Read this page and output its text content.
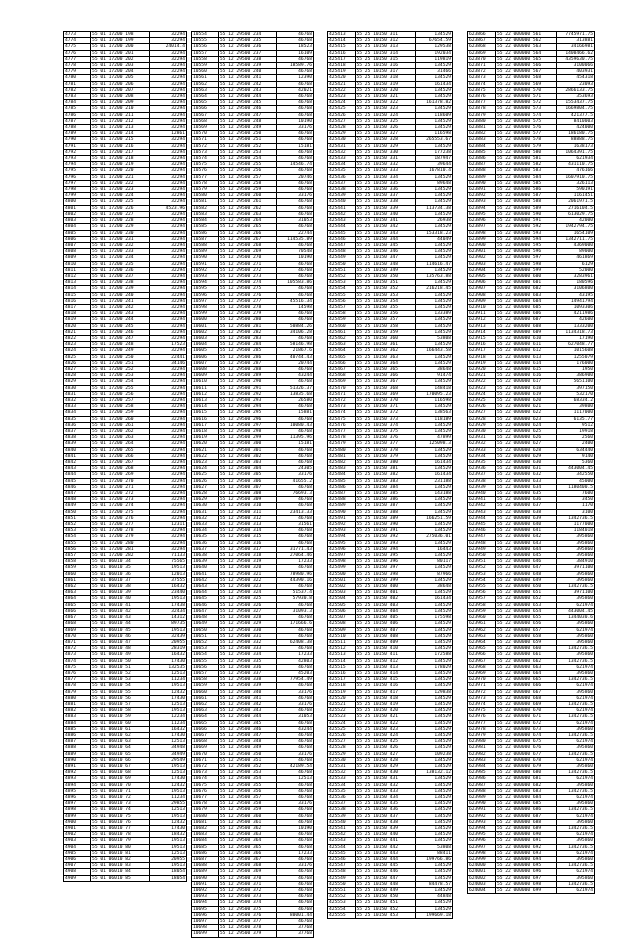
4773	55 01 17200 198	32294
4774	55 01 17200 199	32294
4775	55 01 17200 200	24014.4
4776	55 01 17200 201	32294
4777	55 01 17200 202	32294
4778	55 01 17200 203	32294
4779	55 01 17200 204	32294
4780	55 01 17200 205	32294
4781	55 01 17200 206	32294
4782	55 01 17200 207	32294
4783	55 01 17200 208	32294
4784	55 01 17200 209	32294
4785	55 01 17200 210	32294
4786	55 01 17200 211	32294
4787	55 01 17200 212	32294
4788	55 01 17200 213	32294
4789	55 01 17200 214	12861
4790	55 01 17200 215	32294
4791	55 01 17200 216	32294
4792	55 01 17200 217	32294
4793	55 01 17200 218	32294
4794	55 01 17200 219	32294
4795	55 01 17200 220	32294
4796	55 01 17200 221	32294
4797	55 01 17200 222	32294
4798	55 01 17200 223	32294
4799	55 01 17200 224	32294
4800	55 01 17200 225	32294
4801	55 01 17200 226	4523.96
4802	55 01 17200 227	32294
4803	55 01 17200 228	32294
4804	55 01 17200 229	32294
4805	55 01 17200 230	32294
4806	55 01 17200 231	32294
4807	55 01 17200 232	32294
4808	55 01 17200 233	32294
4809	55 01 17200 234	32294
4810	55 01 17200 235	32294
4811	55 01 17200 236	32294
4812	55 01 17200 237	32294
4813	55 01 17200 238	32294
4814	55 01 17200 239	32294
4815	55 01 17200 240	32294
4816	55 01 17200 241	32294
4817	55 01 17200 242	32294
4818	55 01 17200 243	32294
4819	55 01 17200 244	32294
4820	55 01 17200 245	32294
4821	55 01 17200 246	32294
4822	55 01 17200 247	32294
4823	55 01 17200 248	17523
4824	55 01 17200 249	32294
4825	55 01 17200 250	22441
4826	55 01 17200 251	34146
4827	55 01 17200 252	32294
4828	55 01 17200 253	32294
4829	55 01 17200 254	32294
4830	55 01 17200 255	32294
4831	55 01 17200 256	32294
4832	55 01 17200 257	32294
4833	55 01 17200 258	32294
4834	55 01 17200 259	32294
4835	55 01 17200 260	32294
4836	55 01 17200 261	32294
4837	55 01 17200 262	32294
4838	55 01 17200 263	32294
4839	55 01 17200 264	32294
4840	55 01 17200 265	32294
4841	55 01 17200 266	32294
4842	55 01 17200 267	32294
4843	55 01 17200 268	32294
4844	55 01 17200 269	32294
4845	55 01 17200 270	32294
4846	55 01 17200 271	32294
4847	55 01 17200 272	32294
4848	55 01 17200 273	32294
4849	55 01 17200 274	32294
4850	55 01 17200 275	32294
4851	55 01 17200 276	32294
4852	55 01 17200 277	12311
4853	55 01 17200 278	32294
4854	55 01 17200 279	32294
4855	55 01 17200 280	32294
4856	55 01 17200 281	32294
4857	55 01 17200 282	71133
4858	55 01 06010 34	75565
4859	55 01 06010 35	19513
4860	55 01 06010 36	12013
4861	55 01 06010 37	37555
4862	55 01 06010 38	16432
4863	55 01 06010 39	23440
4864	55 01 06010 40	19513
4865	55 01 06010 41	17438
4866	55 01 06010 42	32434
4867	55 01 06010 43	14312
4868	55 01 06010 44	89735
4869	55 01 06010 45	19513
4870	55 01 06010 46	32439
4871	55 01 06010 47	20955
4872	55 01 06010 48	28319
4873	55 01 06010 49	16432
4874	55 01 06010 50	17430
4875	55 01 06010 51	132535
4876	55 01 06010 52	12513
4877	55 01 06010 53	11234
4878	55 01 06010 54	19513
4879	55 01 06010 55	12432
4880	55 01 06010 56	17430
4881	55 01 06010 57	12513
4882	55 01 06010 58	19513
4883	55 01 06010 59	12234
4884	55 01 06010 60	11234
4885	55 01 06010 61	16432
4886	55 01 06010 62	17430
4887	55 01 06010 63	12513
4888	55 01 06010 64	34948
4889	55 01 06010 65	34949
4890	55 01 06010 66	29549
4891	55 01 06010 67	19513
4892	55 01 06010 68	12513
4893	55 01 06010 69	17430
4894	55 01 06010 70	12432
4895	55 01 06010 71	19513
4896	55 01 06010 72	11234
4897	55 01 06010 73	29855
4898	55 01 06010 74	12513
4899	55 01 06010 75	19513
4900	55 01 06010 76	12432
4901	55 01 06010 77	17430
4902	55 01 06010 78	18432
4903	55 01 06010 79	19513
4904	55 01 06010 80	19513
4905	55 01 06010 81	12513
4906	55 01 06010 82	20955
4907	55 01 06010 83	19513
4908	55 01 06010 84	18054
4909	55 01 06010 85	18054
10554	55 12 29500 234	46768
10555	55 12 29500 235	46768
10556	55 12 29500 236	18523
10557	55 12 29500 237	16109
10558	55 12 29500 238	46768
10559	55 12 29500 239	18589.76
10560	55 12 29500 240	46768
10561	55 12 29500 241	12390
10562	55 12 29500 242	46768
10563	55 12 29500 243	42021
10564	55 12 29500 244	46768
10565	55 12 29500 245	46768
10566	55 12 29500 246	46768
10567	55 12 29500 247	46768
10568	55 12 29500 248	10190
10569	55 12 29500 249	33176
10570	55 12 29500 250	46768
10571	55 12 29500 251	46768
10572	55 12 29500 252	15181
10573	55 12 29500 253	46768
10574	55 12 29500 254	46768
10575	55 12 29500 255	14546.74
10576	55 12 29500 256	46768
10577	55 12 29500 257	20746
10578	55 12 29500 258	46768
10579	55 12 29500 259	46768
10580	55 12 29500 260	33176
10581	55 12 29500 261	46768
10582	55 12 29500 262	46768
10583	55 12 29500 263	46768
10584	55 12 29500 264	31053
10585	55 12 29500 265	46768
10586	55 12 29500 266	22744
10587	55 12 29500 267	114535.89
10588	55 12 29500 268	46768
10589	55 12 29500 269	70548
10590	55 12 29500 270	10190
10591	55 12 29500 271	46768
10592	55 12 29500 272	46768
10593	55 12 29500 273	46768
10594	55 12 29500 274	105583.86
10595	55 12 29500 275	46768
10596	55 12 29500 276	46768
10597	55 12 29500 277	45516.34
10598	55 12 29500 278	14598
10599	55 12 29500 279	46768
10600	55 12 29500 280	46768
10601	55 12 29500 281	50884.26
10602	55 12 29500 282	34106.28
10603	55 12 29500 283	46768
10604	55 12 29500 284	58146.98
10605	55 12 29500 285	21867.6
10606	55 12 29500 286	40744.43
10607	55 12 29500 287	20744
10608	55 12 29500 288	46768
10609	55 12 29500 289	43244
10610	55 12 29500 290	46768
10611	55 12 29500 291	51326.37
10612	55 12 29500 292	13835.68
10613	55 12 29500 293	26580
10614	55 12 29500 294	46768
10615	55 12 29500 295	15881
10616	55 12 29500 296	46768
10617	55 12 29500 297	10080.43
10618	55 12 29500 298	46768
10619	55 12 29500 299	11395.96
10620	55 12 29500 300	15181
10621	55 12 29500 301	46768
10622	55 12 29500 302	46768
10623	55 12 29500 303	46768
10624	55 12 29500 304	24305
10625	55 12 29500 305	33176
10626	55 12 29500 306	41655.2
10627	55 12 29500 307	46768
10628	55 12 29500 308	76693.3
10629	55 12 29500 309	46768
10630	55 12 29500 310	46768
10631	55 12 29500 311	23413.33
10632	55 12 29500 312	46768
10633	55 12 29500 313	31561
10634	55 12 29500 314	46768
10635	55 12 29500 315	46768
10636	55 12 29500 316	46768
10637	55 12 29500 317	31771.43
10638	55 12 29500 318	27064.46
10639	55 12 29500 319	17233
10640	55 12 29500 320	46768
10641	55 12 29500 321	78980.96
10642	55 12 29500 322	44390.16
10643	55 12 29500 323	46768
10644	55 12 29500 324	51537.4
10645	55 12 29500 325	57930.8
10646	55 12 29500 326	46768
10647	55 12 29500 327	31093.3
10648	55 12 29500 328	46768
10649	55 12 29500 329	171666.6
10650	55 12 29500 330	46768
10651	55 12 29500 331	46768
10652	55 12 29500 332	62408.38
10653	55 12 29500 333	46768
10654	55 12 29500 334	17233
10655	55 12 29500 335	42803
10656	55 12 29500 336	46768
10657	55 12 29500 337	45203
10658	55 12 29500 338	77954.49
10659	55 12 29500 339	46768
10660	55 12 29500 340	33176
10661	55 12 29500 341	46768
10662	55 12 29500 342	33176
10663	55 12 29500 343	46768
10664	55 12 29500 344	31053
10665	55 12 29500 345	46768
10666	55 12 29500 346	43244
10667	55 12 29500 347	46768
10668	55 12 29500 348	46768
10669	55 12 29500 349	46768
10670	55 12 29500 350	33176
10671	55 12 29500 351	46768
10672	55 12 29500 352	42189.54
10673	55 12 29500 353	46768
10674	55 12 29500 354	12513
10675	55 12 29500 355	46768
10676	55 12 29500 356	46768
10677	55 12 29500 357	46768
10678	55 12 29500 358	33176
10679	55 12 29500 359	46768
10680	55 12 29500 360	46768
10681	55 12 29500 361	46768
10682	55 12 29500 362	10190
10683	55 12 29500 363	46768
10684	55 12 29500 364	46768
10685	55 12 29500 365	46768
10686	55 12 29500 366	17233
10687	55 12 29500 367	46768
10688	55 12 29500 368	33176
10689	55 12 29500 369	46768
10690	55 12 29500 370	46768
10691	55 12 29500 371	46768
10692	55 12 29500 372	46768
10693	55 12 29500 373	46768
10694	55 12 29500 374	46768
10695	55 12 29500 375	46768
10696	55 12 29500 376	80001.44
10697	55 12 29500 377	46768
10698	55 12 29500 378	37768
10699	55 12 29500 379	37768
425413	55 25 10150 311	134529
425414	55 25 10150 312	67654.59
425415	55 25 10150 313	129538
425416	55 25 10150 314	192034
425417	55 25 10150 315	119819
425418	55 25 10150 316	134529
425419	55 25 10150 317	31466
425420	55 25 10150 318	134529
425421	55 25 10150 319	161434
425422	55 25 10150 320	134529
425423	55 25 10150 321	134529
425424	55 25 10150 322	161378.82
425425	55 25 10150 323	134529
425426	55 25 10150 324	118609
425427	55 25 10150 325	134529
425428	55 25 10150 326	134529
425429	55 25 10150 327	116598
425430	55 25 10150 328	265553.67
425431	55 25 10150 329	134529
425432	55 25 10150 330	177238
425433	55 25 10150 331	187947
425434	55 25 10150 332	39644
425435	55 25 10150 333	167810.4
425436	55 25 10150 334	134529
425437	55 25 10150 335	89648
425438	55 25 10150 336	134529
425439	55 25 10150 337	134529
425440	55 25 10150 338	134529
425441	55 25 10150 339	113734.38
425442	55 25 10150 340	134529
425443	55 25 10150 341	26938
425444	55 25 10150 342	134529
425445	55 25 10150 343	153318.23
425446	55 25 10150 344	44049
425447	55 25 10150 345	134529
425448	55 25 10150 346	134529
425449	55 25 10150 347	134529
425450	55 25 10150 348	114616.47
425451	55 25 10150 349	134529
425452	55 25 10150 350	135763.88
425453	55 25 10150 351	134529
425454	55 25 10150 352	216218.45
425455	55 25 10150 353	134529
425456	55 25 10150 354	134529
425457	55 25 10150 355	134529
425458	55 25 10150 356	133389
425459	55 25 10150 357	134529
425460	55 25 10150 358	134529
425461	55 25 10150 359	134529
425462	55 25 10150 360	53808
425463	55 25 10150 361	134529
425464	55 25 10150 362	166443.58
425465	55 25 10150 363	134529
425466	55 25 10150 364	134529
425467	55 25 10150 365	38648
425468	55 25 10150 366	91474
425469	55 25 10150 367	134529
425470	55 25 10150 368	148418
425471	55 25 10150 369	170095.23
425472	55 25 10150 370	116598
425473	55 25 10150 371	134529
425474	55 25 10150 372	138563
425475	55 25 10150 373	118189
425476	55 25 10150 374	134529
425477	55 25 10150 375	134529
425478	55 25 10150 376	47899
425479	55 25 10150 377	125098.3
425480	55 25 10150 378	134529
425481	55 25 10150 379	134529
425482	55 25 10150 380	161434
425483	55 25 10150 381	134529
425484	55 25 10150 382	161434
425485	55 25 10150 383	231188
425486	55 25 10150 384	134529
425487	55 25 10150 385	143188
425488	55 25 10150 386	134529
425489	55 25 10150 387	134529
425490	55 25 10150 388	134529
425491	55 25 10150 389	166251.59
425492	55 25 10150 390	134529
425493	55 25 10150 391	134529
425494	55 25 10150 392	275036.01
425495	55 25 10150 393	134529
425496	55 25 10150 394	16443
425497	55 25 10150 395	134529
425498	55 25 10150 396	80117
425499	55 25 10150 397	134529
425500	55 25 10150 398	87966
425501	55 25 10150 399	134529
425502	55 25 10150 400	38648
425503	55 25 10150 401	134529
425504	55 25 10150 402	161434
425505	55 25 10150 403	134529
425506	55 25 10150 404	134529
425507	55 25 10150 405	175598
425508	55 25 10150 406	134529
425509	55 25 10150 407	134529
425510	55 25 10150 408	134529
425511	55 25 10150 409	134529
425512	55 25 10150 410	134529
425513	55 25 10150 411	172588
425514	55 25 10150 412	134529
425515	55 25 10150 413	178029
425516	55 25 10150 414	134529
425517	55 25 10150 415	134529
425518	55 25 10150 416	134529
425519	55 25 10150 417	129838
425520	55 25 10150 418	134529
425521	55 25 10150 419	134529
425522	55 25 10150 420	134529
425523	55 25 10150 421	134529
425524	55 25 10150 422	134529
425525	55 25 10150 423	134529
425526	55 25 10150 424	134529
425527	55 25 10150 425	134529
425528	55 25 10150 426	134529
425529	55 25 10150 427	109238
425530	55 25 10150 428	134529
425531	55 25 10150 429	134529
425532	55 25 10150 430	138132.12
425533	55 25 10150 431	134529
425534	55 25 10150 432	134529
425535	55 25 10150 433	134529
425536	55 25 10150 434	134529
425537	55 25 10150 435	134529
425538	55 25 10150 436	134529
425539	55 25 10150 437	134529
425540	55 25 10150 438	134529
425541	55 25 10150 439	134529
425542	55 25 10150 440	134529
425543	55 25 10150 441	134529
425544	55 25 10150 442	53808
425545	55 25 10150 443	88411
425546	55 25 10150 444	199766.86
425547	55 25 10150 445	134529
425548	55 25 10150 446	134529
425549	55 25 10150 447	134529
425550	55 25 10150 448	84478.57
425551	55 25 10150 449	134529
425552	55 25 10150 450	44848
425553	55 25 10150 451	134529
425554	55 25 10150 452	134529
425555	55 25 10150 453	199669.18
623866	55 22 000000 561	7745971.75
623867	55 22 000000 562	313881
623868	55 22 000000 563	34166981
623869	55 22 000000 564	1400466.62
623870	55 22 000000 565	4359630.75
623871	55 22 000000 566	3100066
623872	55 22 000000 567	403931
623873	55 22 000000 568	454318
623874	55 22 000000 569	23093
623875	55 22 000000 570	2866133.75
623876	55 22 000000 571	353693
623877	55 22 000000 572	1553437.75
623878	55 22 000000 573	1669804.75
623879	55 22 000000 574	421377.5
623880	55 22 000000 575	8410003
623881	55 22 000000 576	424000
623882	55 22 000000 577	186180.75
623883	55 22 000000 578	88888.75
623884	55 22 000000 579	1638173
623885	55 22 000000 580	1064391.75
623886	55 22 000000 581	621934
623887	55 22 000000 582	431110.75
623888	55 22 000000 583	476166
623889	55 22 000000 584	1607910.75
623890	55 22 000000 585	326113
623891	55 22 000000 586	590191
623892	55 22 000000 587	1161451
623893	55 22 000000 588	2061971.5
623894	55 22 000000 589	2716104.5
623895	55 22 000000 590	613029.75
623896	55 22 000000 591	42000
623897	55 22 000000 592	1942794.75
623898	55 22 000000 593	1654109
623899	55 22 000000 594	1342711.75
623900	55 22 000000 595	4369000
623901	55 22 000000 596	89000
623902	55 22 000000 597	461869
623903	55 22 000000 598	6129
623904	55 22 000000 599	52000
623905	55 22 000000 600	3283961
623906	55 22 000000 601	180596
623907	55 22 000000 602	3106800
623908	55 22 000000 603	43195
623909	55 22 000000 604	14941794
623910	55 22 000000 605	1093306
623911	55 22 000000 606	4211986
623912	55 22 000000 607	42600
623913	55 22 000000 608	1333200
623914	55 22 000000 609	1134318.73
623915	55 22 000000 610	17190
623916	55 22 000000 611	627048.77
623917	55 22 000000 612	1015608
623918	55 22 000000 613	1255079
623919	55 22 000000 614	176000
623920	55 22 000000 615	1950
623921	55 22 000000 616	386900
623922	55 22 000000 617	5651100
623923	55 22 000000 618	397150
623924	55 22 000000 619	532170
623925	55 22 000000 620	68334.2
623926	55 22 000000 621	39800
623927	55 22 000000 622	1117000
623928	55 22 000000 623	6135.77
623929	55 22 000000 624	9512
623930	55 22 000000 625	19918
623931	55 22 000000 626	2560
623932	55 22 000000 627	2400
623933	55 22 000000 628	634440
623934	55 22 000000 629	9140
623935	55 22 000000 630	5360
623936	55 22 000000 631	443004.45
623937	55 22 000000 632	342550
623938	55 22 000000 633	45000
623939	55 22 000000 634	1180400.5
623940	55 22 000000 635	7600
623941	55 22 000000 636	3450
623942	55 22 000000 637	1170
623943	55 22 000000 638	3100
623944	55 22 000000 639	1342736.5
623945	55 22 000000 640	1177000
623946	55 22 000000 641	1184018
623947	55 22 000000 642	395860
623948	55 22 000000 643	395860
623949	55 22 000000 644	395860
623950	55 22 000000 645	395860
623951	55 22 000000 646	384910
623952	55 22 000000 647	3971100
623953	55 22 000000 648	395860
623954	55 22 000000 649	395860
623955	55 22 000000 650	1342736.5
623956	55 22 000000 651	3971100
623957	55 22 000000 652	395860
623958	55 22 000000 653	621974
623959	55 22 000000 654	443004.45
623960	55 22 000000 655	1344030.6
623961	55 22 000000 656	395860
623962	55 22 000000 657	621974
623963	55 22 000000 658	395860
623964	55 22 000000 659	395860
623965	55 22 000000 660	1342736.5
623966	55 22 000000 661	395860
623967	55 22 000000 662	1342736.5
623968	55 22 000000 663	621974
623969	55 22 000000 664	395860
623970	55 22 000000 665	1342736.5
623971	55 22 000000 666	621974
623972	55 22 000000 667	395860
623973	55 22 000000 668	621974
623974	55 22 000000 669	1342736.5
623975	55 22 000000 670	621974
623976	55 22 000000 671	1342736.5
623977	55 22 000000 672	621974
623978	55 22 000000 673	395860
623979	55 22 000000 674	1342736.5
623980	55 22 000000 675	621974
623981	55 22 000000 676	395860
623982	55 22 000000 677	1342736.5
623983	55 22 000000 678	621974
623984	55 22 000000 679	395860
623985	55 22 000000 680	1342736.5
623986	55 22 000000 681	621974
623987	55 22 000000 682	395860
623988	55 22 000000 683	1342736.5
623989	55 22 000000 684	621974
623990	55 22 000000 685	395860
623991	55 22 000000 686	1342736.5
623992	55 22 000000 687	621974
623993	55 22 000000 688	395860
623994	55 22 000000 689	1342736.5
623995	55 22 000000 690	621974
623996	55 22 000000 691	395860
623997	55 22 000000 692	1342736.5
623998	55 22 000000 693	621974
623999	55 22 000000 694	395860
624000	55 22 000000 695	1342736.5
624001	55 22 000000 696	621974
624002	55 22 000000 697	395860
624003	55 22 000000 698	1342736.5
624004	55 22 000000 699	621974
